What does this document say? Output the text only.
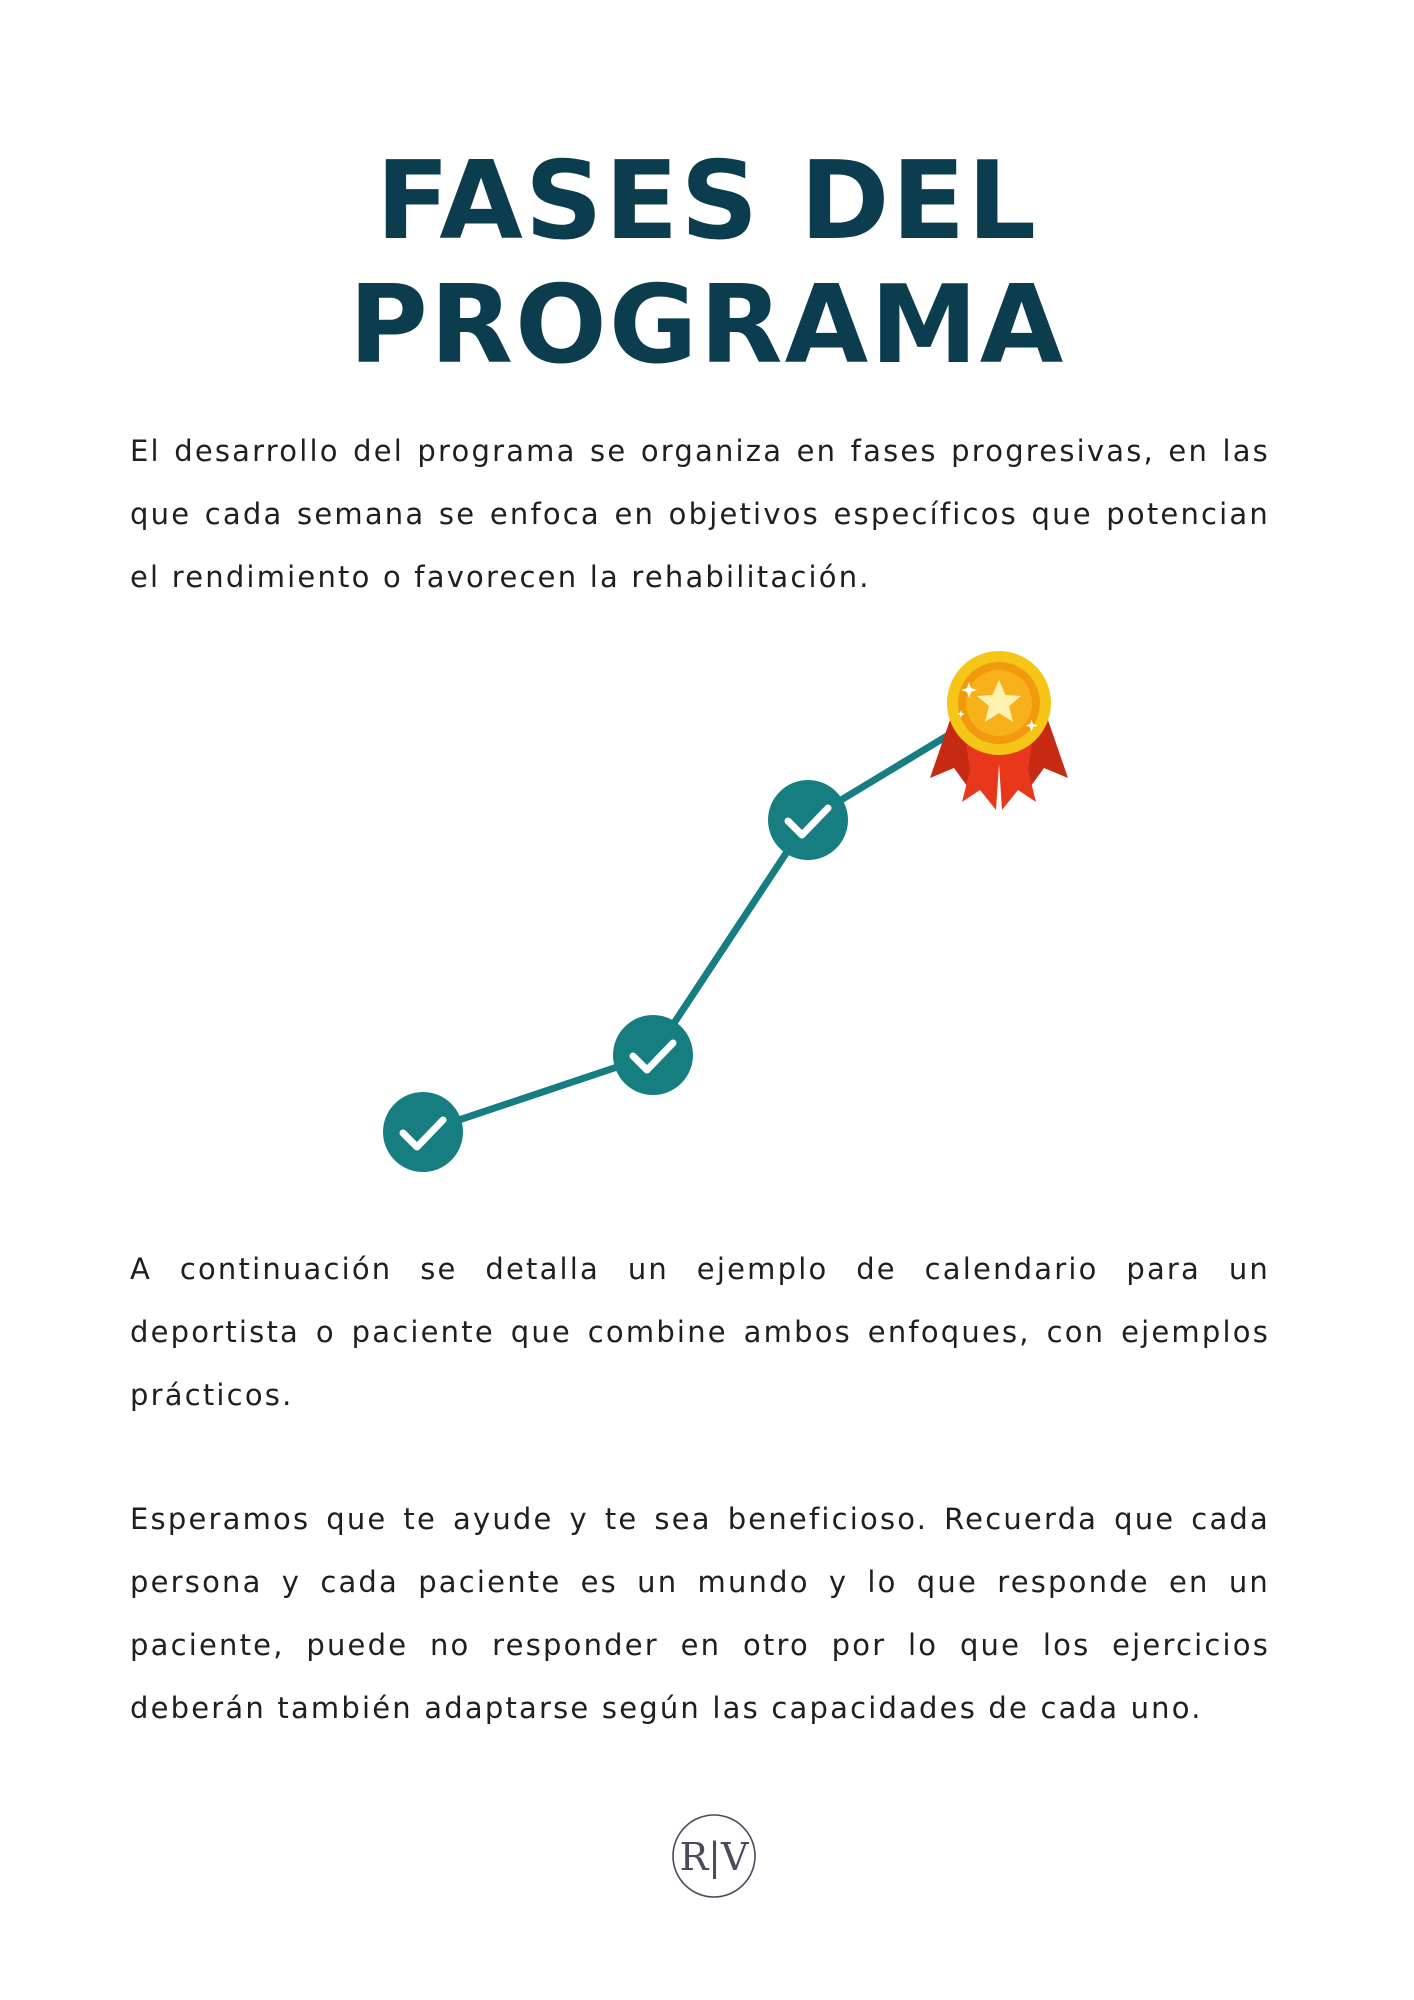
FASES DEL
PROGRAMA

El desarrollo del programa se organiza en fases progresivas, en las que cada semana se enfoca en objetivos específicos que potencian el rendimiento o favorecen la rehabilitación.

A continuación se detalla un ejemplo de calendario para un deportista o paciente que combine ambos enfoques, con ejemplos prácticos.

Esperamos que te ayude y te sea beneficioso. Recuerda que cada persona y cada paciente es un mundo y lo que responde en un paciente, puede no responder en otro por lo que los ejercicios deberán también adaptarse según las capacidades de cada uno.

R|V
